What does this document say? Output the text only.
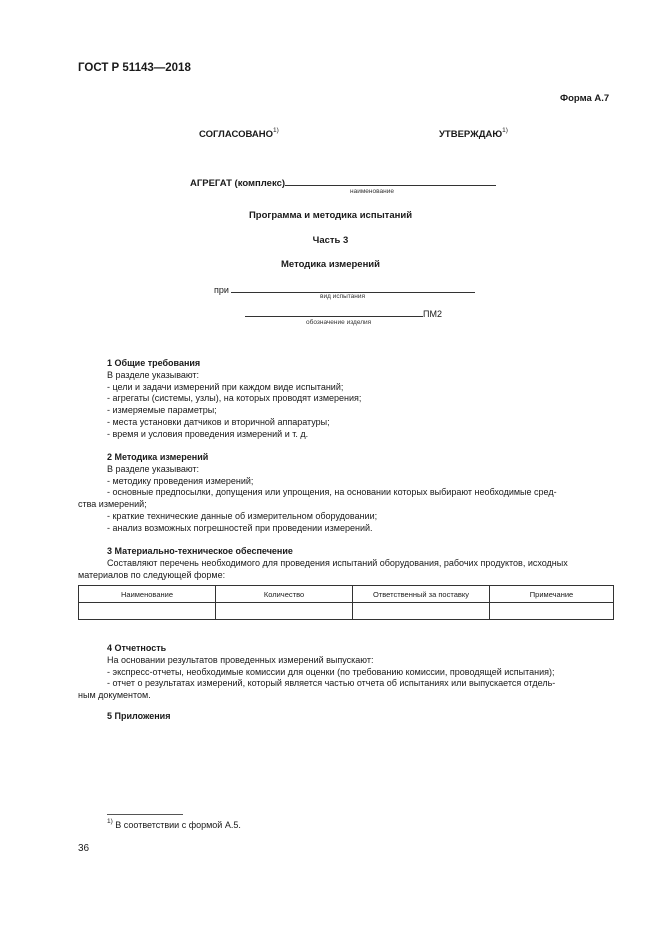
ГОСТ Р 51143—2018
Форма А.7
СОГЛАСОВАНО$^{1)}$	УТВЕРЖДАЮ$^{1)}$
АГРЕГАТ (комплекс)
наименование
Программа и методика испытаний
Часть 3
Методика измерений
при
вид испытания
ПМ2
обозначение изделия
1 Общие требования

В разделе указывают:

- цели и задачи измерений при каждом виде испытаний;

- агрегаты (системы, узлы), на которых проводят измерения;

- измеряемые параметры;

- места установки датчиков и вторичной аппаратуры;

- время и условия проведения измерений и т. д.

2 Методика измерений

В разделе указывают:

- методику проведения измерений;

- основные предпосылки, допущения или упрощения, на основании которых выбирают необходимые сред-

ства измерений;

- краткие технические данные об измерительном оборудовании;

- анализ возможных погрешностей при проведении измерений.

3 Материально-техническое обеспечение

Составляют перечень необходимого для проведения испытаний оборудования, рабочих продуктов, исходных

материалов по следующей форме:

Наименование	Количество	Ответственный за поставку	Примечание

4 Отчетность

На основании результатов проведенных измерений выпускают:

- экспресс-отчеты, необходимые комиссии для оценки (по требованию комиссии, проводящей испытания);

- отчет о результатах измерений, который является частью отчета об испытаниях или выпускается отдель-

ным документом.

5 Приложения
$^{1)}$ В соответствии с формой А.5.
36
